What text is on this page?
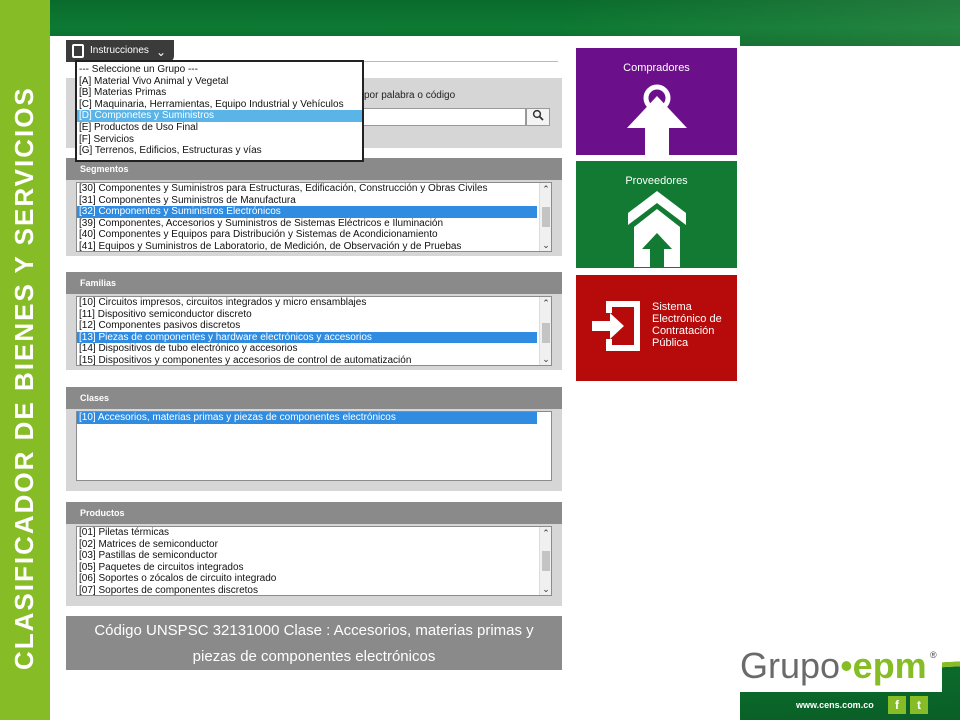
CLASIFICADOR DE BIENES Y SERVICIOS
Instrucciones ⌄
por palabra o código
Segmentos
[30] Componentes y Suministros para Estructuras, Edificación, Construcción y Obras Civiles
[31] Componentes y Suministros de Manufactura
[32] Componentes y Suministros Electrónicos
[39] Componentes, Accesorios y Suministros de Sistemas Eléctricos e Iluminación
[40] Componentes y Equipos para Distribución y Sistemas de Acondicionamiento
[41] Equipos y Suministros de Laboratorio, de Medición, de Observación y de Pruebas
⌃
⌄
Familias
[10] Circuitos impresos, circuitos integrados y micro ensamblajes
[11] Dispositivo semiconductor discreto
[12] Componentes pasivos discretos
[13] Piezas de componentes y hardware electrónicos y accesorios
[14] Dispositivos de tubo electrónico y accesorios
[15] Dispositivos y componentes y accesorios de control de automatización
⌃
⌄
Clases
[10] Accesorios, materias primas y piezas de componentes electrónicos
Productos
[01] Piletas térmicas
[02] Matrices de semiconductor
[03] Pastillas de semiconductor
[05] Paquetes de circuitos integrados
[06] Soportes o zócalos de circuito integrado
[07] Soportes de componentes discretos
⌃
⌄
Código UNSPSC 32131000 Clase : Accesorios, materias primas y
piezas de componentes electrónicos
--- Seleccione un Grupo ---
[A] Material Vivo Animal y Vegetal
[B] Materias Primas
[C] Maquinaria, Herramientas, Equipo Industrial y Vehículos
[D] Componetes y Suministros
[E] Productos de Uso Final
[F] Servicios
[G] Terrenos, Edificios, Estructuras y vías
Compradores
Proveedores
Sistema
Electrónico de
Contratación
Pública
Grupo•epm ®
www.cens.com.co	f	t
